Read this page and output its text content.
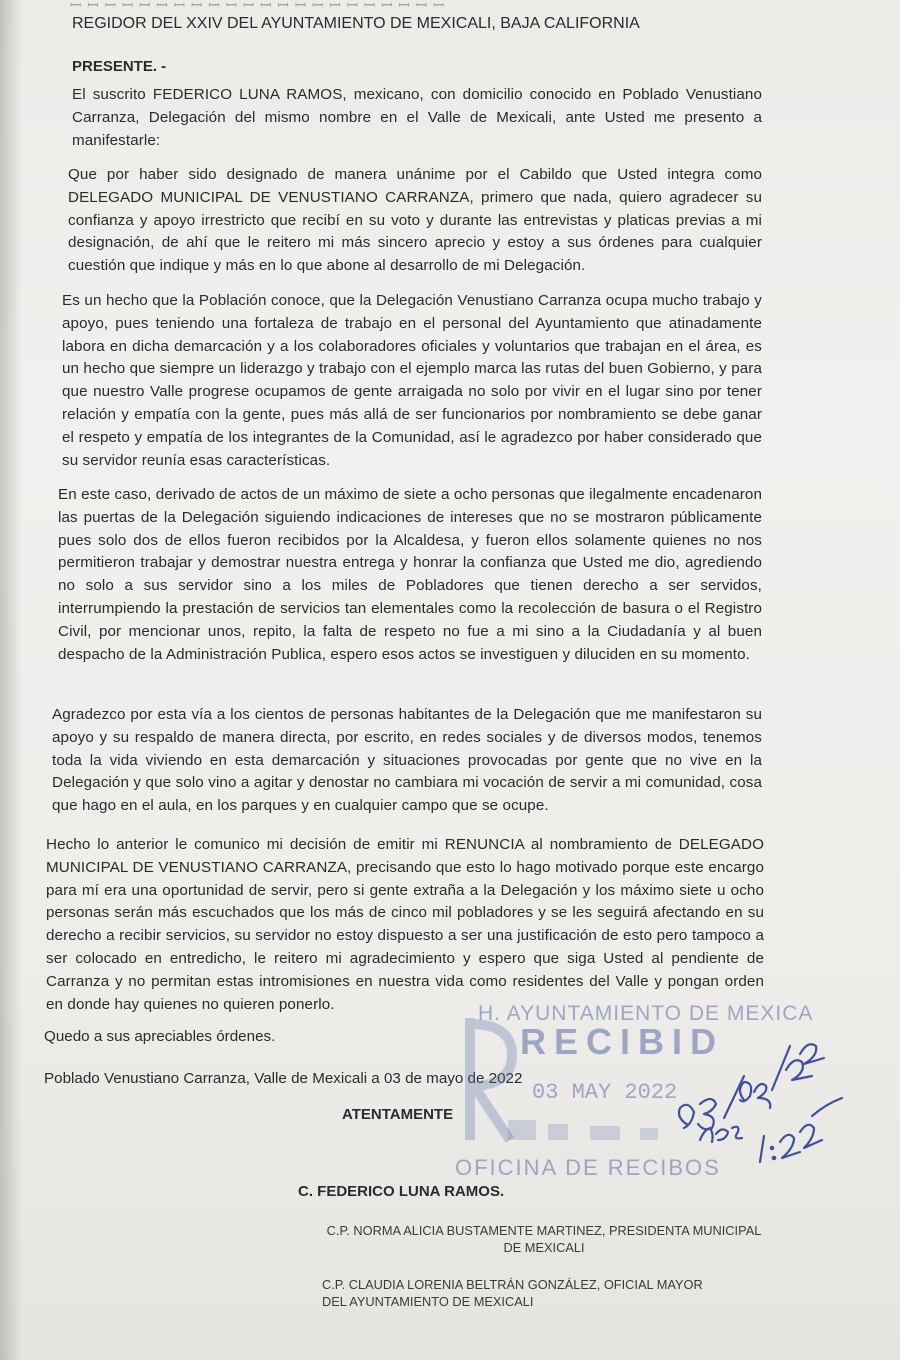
ꟷ ꟷ ꟷ ꟷ ꟷ ꟷ ꟷ ꟷ ꟷ ꟷ ꟷ ꟷ ꟷ ꟷ ꟷ ꟷ ꟷ ꟷ ꟷ ꟷ ꟷ ꟷ
REGIDOR DEL XXIV DEL AYUNTAMIENTO DE MEXICALI, BAJA CALIFORNIA
PRESENTE. -
El suscrito FEDERICO LUNA RAMOS, mexicano, con domicilio conocido en Poblado Venustiano Carranza, Delegación del mismo nombre en el Valle de Mexicali, ante Usted me presento a manifestarle:
Que por haber sido designado de manera unánime por el Cabildo que Usted integra como DELEGADO MUNICIPAL DE VENUSTIANO CARRANZA, primero que nada, quiero agradecer su confianza y apoyo irrestricto que recibí en su voto y durante las entrevistas y platicas previas a mi designación, de ahí que le reitero mi más sincero aprecio y estoy a sus órdenes para cualquier cuestión que indique y más en lo que abone al desarrollo de mi Delegación.
Es un hecho que la Población conoce, que la Delegación Venustiano Carranza ocupa mucho trabajo y apoyo, pues teniendo una fortaleza de trabajo en el personal del Ayuntamiento que atinadamente labora en dicha demarcación y a los colaboradores oficiales y voluntarios que trabajan en el área, es un hecho que siempre un liderazgo y trabajo con el ejemplo marca las rutas del buen Gobierno, y para que nuestro Valle progrese ocupamos de gente arraigada no solo por vivir en el lugar sino por tener relación y empatía con la gente, pues más allá de ser funcionarios por nombramiento se debe ganar el respeto y empatía de los integrantes de la Comunidad, así le agradezco por haber considerado que su servidor reunía esas características.
En este caso, derivado de actos de un máximo de siete a ocho personas que ilegalmente encadenaron las puertas de la Delegación siguiendo indicaciones de intereses que no se mostraron públicamente pues solo dos de ellos fueron recibidos por la Alcaldesa, y fueron ellos solamente quienes no nos permitieron trabajar y demostrar nuestra entrega y honrar la confianza que Usted me dio, agrediendo no solo a sus servidor sino a los miles de Pobladores que tienen derecho a ser servidos, interrumpiendo la prestación de servicios tan elementales como la recolección de basura o el Registro Civil, por mencionar unos, repito, la falta de respeto no fue a mi sino a la Ciudadanía y al buen despacho de la Administración Publica, espero esos actos se investiguen y diluciden en su momento.
Agradezco por esta vía a los cientos de personas habitantes de la Delegación que me manifestaron su apoyo y su respaldo de manera directa, por escrito, en redes sociales y de diversos modos, tenemos toda la vida viviendo en esta demarcación y situaciones provocadas por gente que no vive en la Delegación y que solo vino a agitar y denostar no cambiara mi vocación de servir a mi comunidad, cosa que hago en el aula, en los parques y en cualquier campo que se ocupe.
Hecho lo anterior le comunico mi decisión de emitir mi RENUNCIA al nombramiento de DELEGADO MUNICIPAL DE VENUSTIANO CARRANZA, precisando que esto lo hago motivado porque este encargo para mí era una oportunidad de servir, pero si gente extraña a la Delegación y los máximo siete u ocho personas serán más escuchados que los más de cinco mil pobladores y se les seguirá afectando en su derecho a recibir servicios, su servidor no estoy dispuesto a ser una justificación de esto pero tampoco a ser colocado en entredicho, le reitero mi agradecimiento y espero que siga Usted al pendiente de Carranza y no permitan estas intromisiones en nuestra vida como residentes del Valle y pongan orden en donde hay quienes no quieren ponerlo.
Quedo a sus apreciables órdenes.
Poblado Venustiano Carranza, Valle de Mexicali a 03 de mayo de 2022
ATENTAMENTE
C. FEDERICO LUNA RAMOS.
C.P. NORMA ALICIA BUSTAMENTE MARTINEZ, PRESIDENTA MUNICIPAL DE MEXICALI
C.P. CLAUDIA LORENIA BELTRÁN GONZÁLEZ, OFICIAL MAYOR DEL AYUNTAMIENTO DE MEXICALI
H. AYUNTAMIENTO DE MEXICA
RECIBID
03 MAY 2022
OFICINA DE RECIBOS
